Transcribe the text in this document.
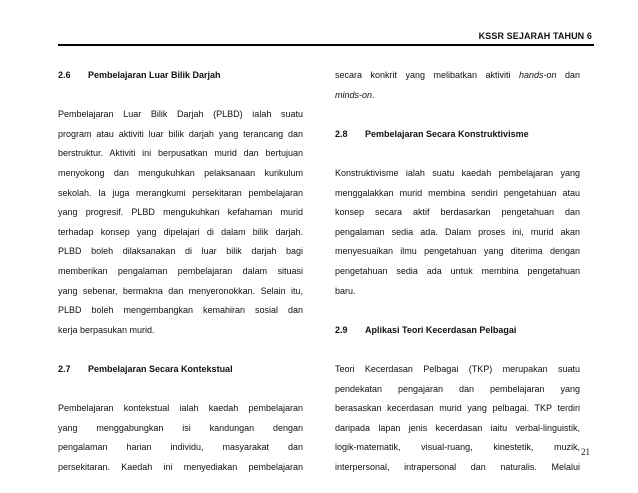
KSSR SEJARAH TAHUN 6
2.6 Pembelajaran Luar Bilik Darjah

Pembelajaran Luar Bilik Darjah (PLBD) ialah suatu

program atau aktiviti luar bilik darjah yang terancang dan

berstruktur. Aktiviti ini berpusatkan murid dan bertujuan

menyokong dan mengukuhkan pelaksanaan kurikulum

sekolah. Ia juga merangkumi persekitaran pembelajaran

yang progresif. PLBD mengukuhkan kefahaman murid

terhadap konsep yang dipelajari di dalam bilik darjah.

PLBD boleh dilaksanakan di luar bilik darjah bagi

memberikan pengalaman pembelajaran dalam situasi

yang sebenar, bermakna dan menyeronokkan. Selain itu,

PLBD boleh mengembangkan kemahiran sosial dan

kerja berpasukan murid.

2.7 Pembelajaran Secara Kontekstual

Pembelajaran kontekstual ialah kaedah pembelajaran

yang menggabungkan isi kandungan dengan

pengalaman harian individu, masyarakat dan

persekitaran. Kaedah ini menyediakan pembelajaran

secara konkrit yang melibatkan aktiviti hands-on dan

minds-on.

2.8 Pembelajaran Secara Konstruktivisme

Konstruktivisme ialah suatu kaedah pembelajaran yang

menggalakkan murid membina sendiri pengetahuan atau

konsep secara aktif berdasarkan pengetahuan dan

pengalaman sedia ada. Dalam proses ini, murid akan

menyesuaikan ilmu pengetahuan yang diterima dengan

pengetahuan sedia ada untuk membina pengetahuan

baru.

2.9 Aplikasi Teori Kecerdasan Pelbagai

Teori Kecerdasan Pelbagai (TKP) merupakan suatu

pendekatan pengajaran dan pembelajaran yang

berasaskan kecerdasan murid yang pelbagai. TKP terdiri

daripada lapan jenis kecerdasan iaitu verbal-linguistik,

logik-matematik, visual-ruang, kinestetik, muzik,

interpersonal, intrapersonal dan naturalis. Melalui

21
